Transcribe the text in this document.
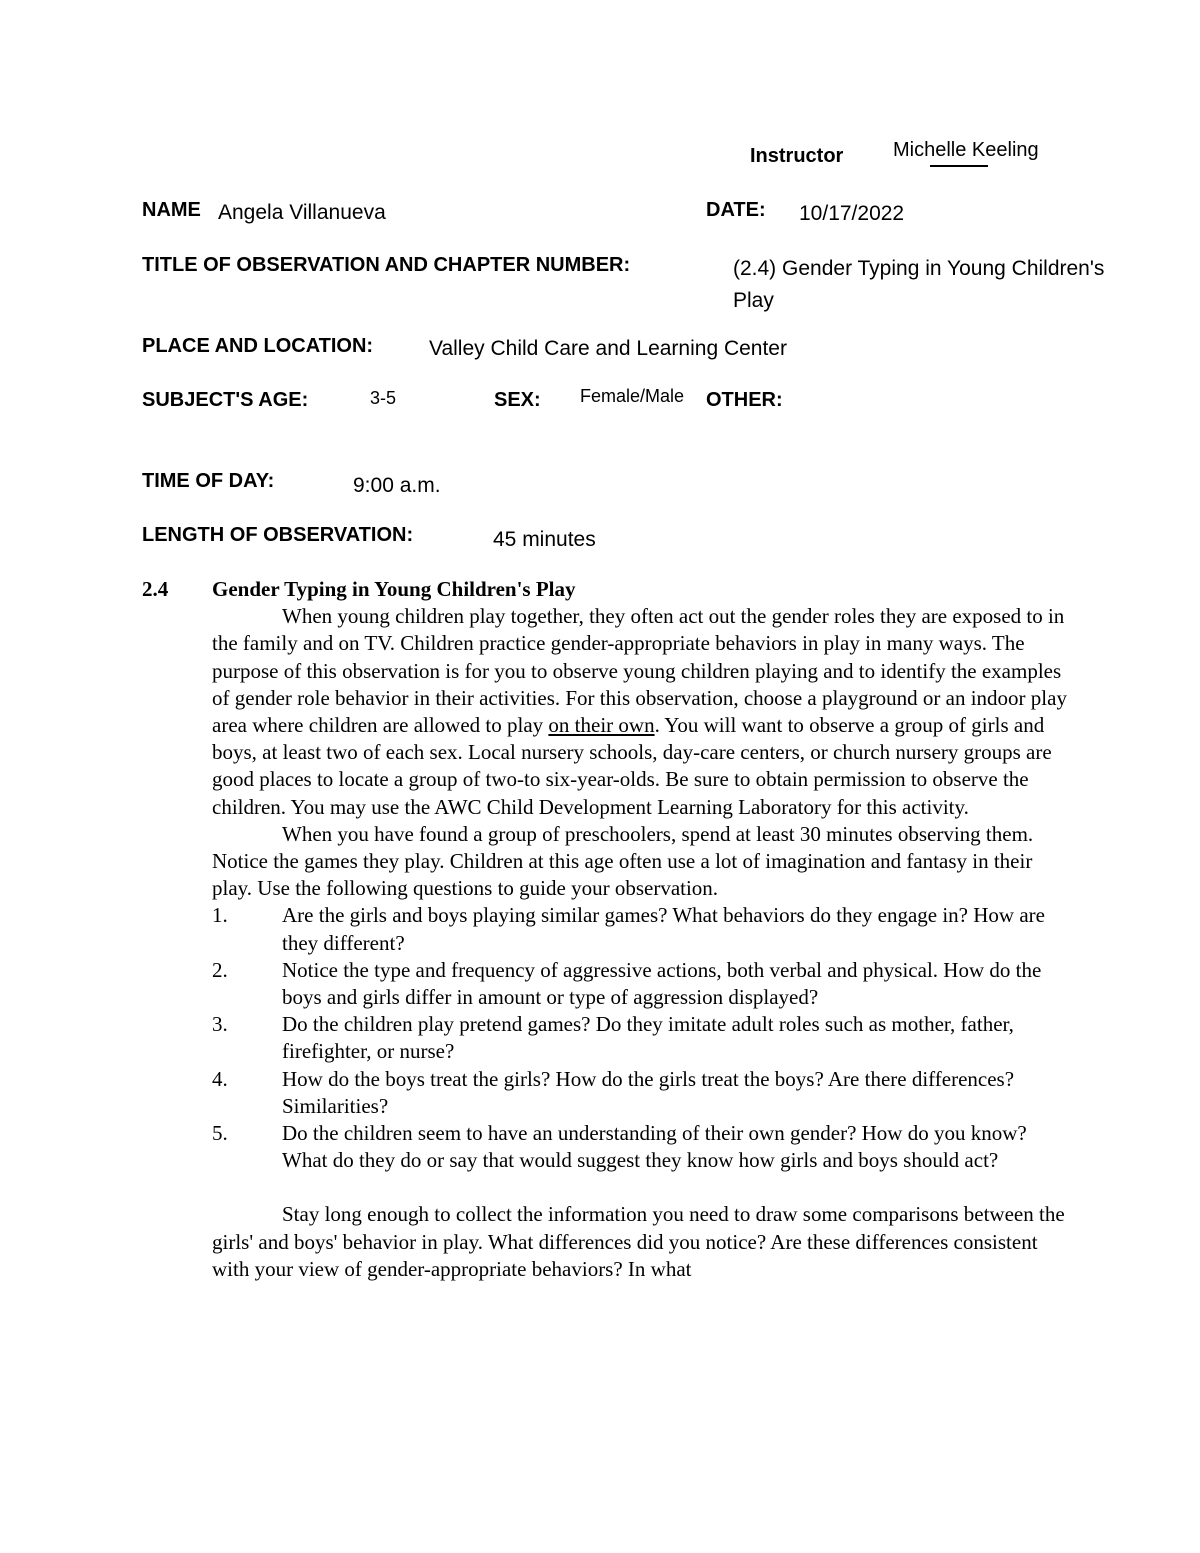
Instructor Michelle Keeling
NAME Angela Villanueva	DATE: 10/17/2022
TITLE OF OBSERVATION AND CHAPTER NUMBER:	(2.4) Gender Typing in Young Children's
Play
PLACE AND LOCATION:	Valley Child Care and Learning Center
SUBJECT'S AGE:	3-5	SEX: Female/Male OTHER:
TIME OF DAY:	9:00 a.m.
LENGTH OF OBSERVATION:	45 minutes
2.4	Gender Typing in Young Children's Play

When young children play together, they often act out the gender roles they are exposed to in the family and on TV. Children practice gender-appropriate behaviors in play in many ways. The purpose of this observation is for you to observe young children playing and to identify the examples of gender role behavior in their activities. For this observation, choose a playground or an indoor play area where children are allowed to play on their own. You will want to observe a group of girls and boys, at least two of each sex. Local nursery schools, day-care centers, or church nursery groups are good places to locate a group of two-to six-year-olds. Be sure to obtain permission to observe the children. You may use the AWC Child Development Learning Laboratory for this activity.

When you have found a group of preschoolers, spend at least 30 minutes observing them. Notice the games they play. Children at this age often use a lot of imagination and fantasy in their play. Use the following questions to guide your observation.

1.	Are the girls and boys playing similar games? What behaviors do they engage in? How are they different?
2.	Notice the type and frequency of aggressive actions, both verbal and physical. How do the boys and girls differ in amount or type of aggression displayed?
3.	Do the children play pretend games? Do they imitate adult roles such as mother, father, firefighter, or nurse?
4.	How do the boys treat the girls? How do the girls treat the boys? Are there differences? Similarities?
5.	Do the children seem to have an understanding of their own gender? How do you know? What do they do or say that would suggest they know how girls and boys should act?

Stay long enough to collect the information you need to draw some comparisons between the girls' and boys' behavior in play. What differences did you notice? Are these differences consistent with your view of gender-appropriate behaviors? In what
